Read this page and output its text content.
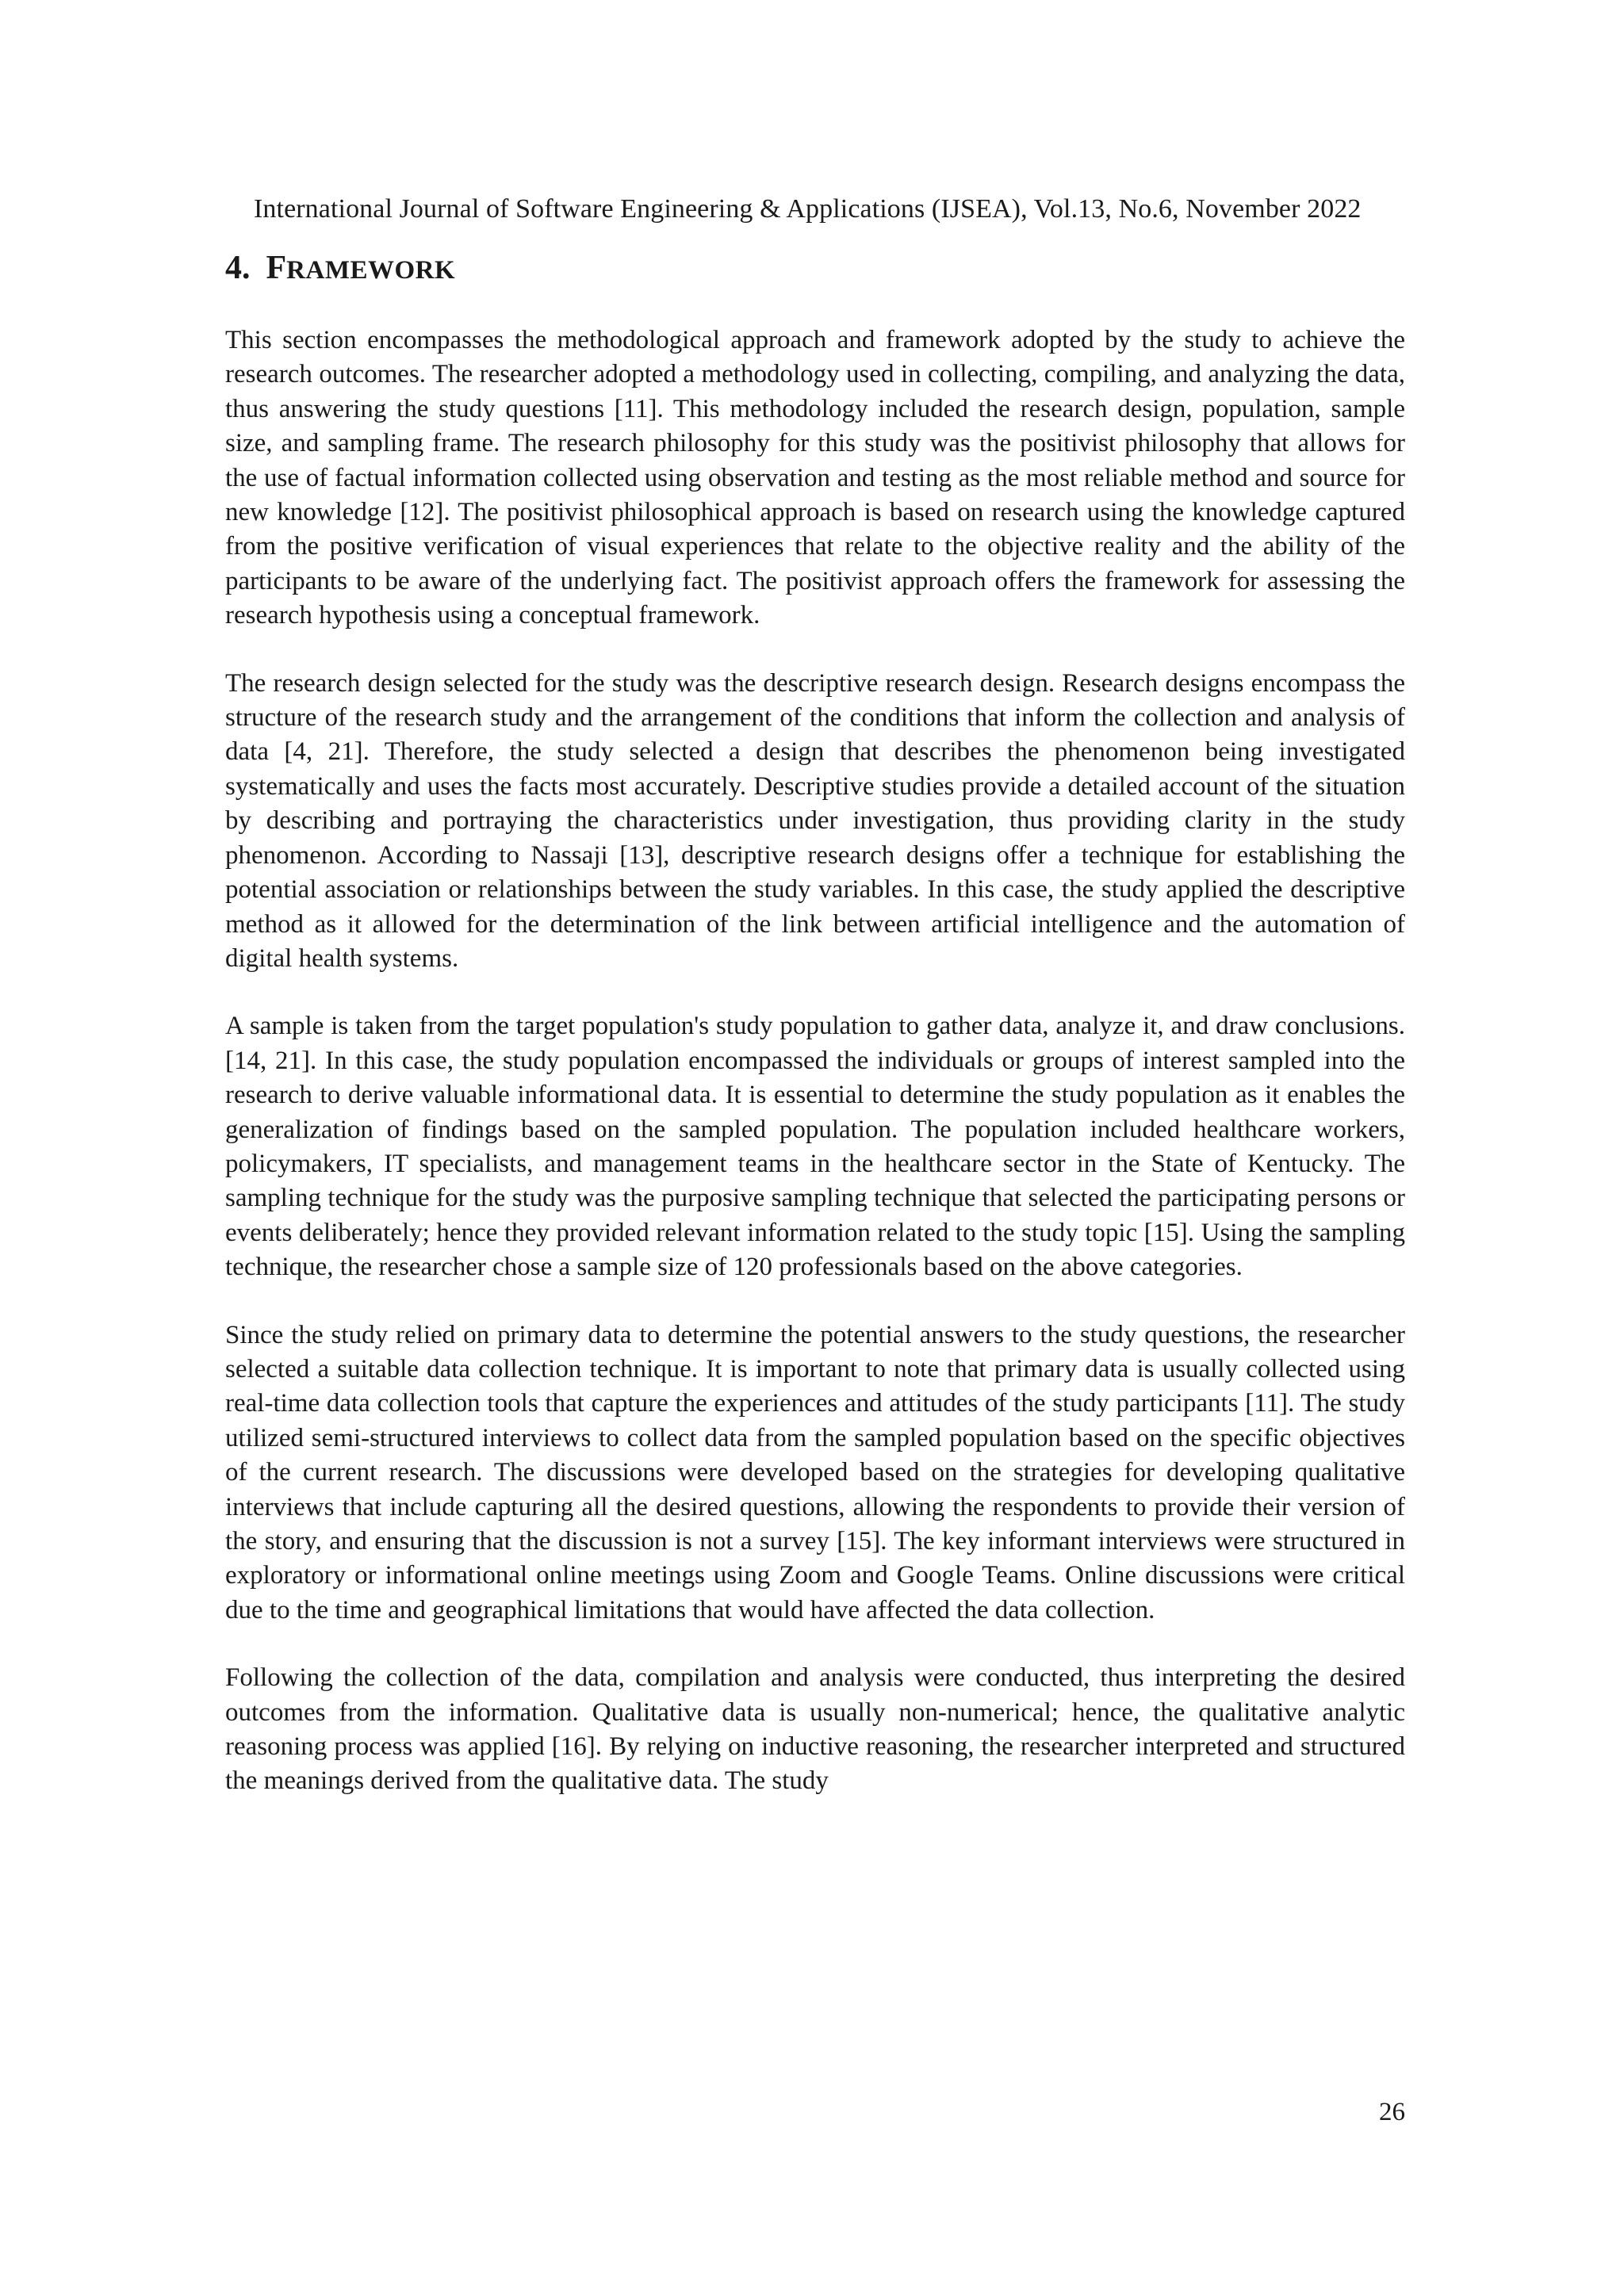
International Journal of Software Engineering & Applications (IJSEA), Vol.13, No.6, November 2022
4. FRAMEWORK

This section encompasses the methodological approach and framework adopted by the study to achieve the research outcomes. The researcher adopted a methodology used in collecting, compiling, and analyzing the data, thus answering the study questions [11]. This methodology included the research design, population, sample size, and sampling frame. The research philosophy for this study was the positivist philosophy that allows for the use of factual information collected using observation and testing as the most reliable method and source for new knowledge [12]. The positivist philosophical approach is based on research using the knowledge captured from the positive verification of visual experiences that relate to the objective reality and the ability of the participants to be aware of the underlying fact. The positivist approach offers the framework for assessing the research hypothesis using a conceptual framework.

The research design selected for the study was the descriptive research design. Research designs encompass the structure of the research study and the arrangement of the conditions that inform the collection and analysis of data [4, 21]. Therefore, the study selected a design that describes the phenomenon being investigated systematically and uses the facts most accurately. Descriptive studies provide a detailed account of the situation by describing and portraying the characteristics under investigation, thus providing clarity in the study phenomenon. According to Nassaji [13], descriptive research designs offer a technique for establishing the potential association or relationships between the study variables. In this case, the study applied the descriptive method as it allowed for the determination of the link between artificial intelligence and the automation of digital health systems.

A sample is taken from the target population's study population to gather data, analyze it, and draw conclusions. [14, 21]. In this case, the study population encompassed the individuals or groups of interest sampled into the research to derive valuable informational data. It is essential to determine the study population as it enables the generalization of findings based on the sampled population. The population included healthcare workers, policymakers, IT specialists, and management teams in the healthcare sector in the State of Kentucky. The sampling technique for the study was the purposive sampling technique that selected the participating persons or events deliberately; hence they provided relevant information related to the study topic [15]. Using the sampling technique, the researcher chose a sample size of 120 professionals based on the above categories.

Since the study relied on primary data to determine the potential answers to the study questions, the researcher selected a suitable data collection technique. It is important to note that primary data is usually collected using real-time data collection tools that capture the experiences and attitudes of the study participants [11]. The study utilized semi-structured interviews to collect data from the sampled population based on the specific objectives of the current research. The discussions were developed based on the strategies for developing qualitative interviews that include capturing all the desired questions, allowing the respondents to provide their version of the story, and ensuring that the discussion is not a survey [15]. The key informant interviews were structured in exploratory or informational online meetings using Zoom and Google Teams. Online discussions were critical due to the time and geographical limitations that would have affected the data collection.

Following the collection of the data, compilation and analysis were conducted, thus interpreting the desired outcomes from the information. Qualitative data is usually non-numerical; hence, the qualitative analytic reasoning process was applied [16]. By relying on inductive reasoning, the researcher interpreted and structured the meanings derived from the qualitative data. The study

26
